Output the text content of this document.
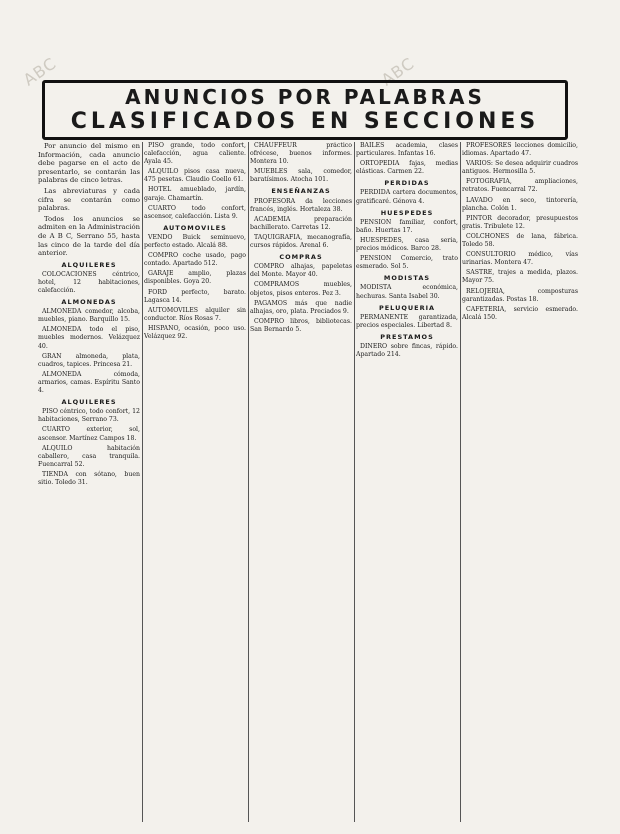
ABC	ABC
ANUNCIOS POR PALABRAS
CLASIFICADOS EN SECCIONES
Por anuncio del mismo en Información, cada anuncio debe pagarse en el acto de presentarlo, se contarán las palabras de cinco letras.
Las abreviaturas y cada cifra se contarán como palabras.
Todos los anuncios se admiten en la Administración de A B C, Serrano 55, hasta las cinco de la tarde del día anterior.
ALQUILERES
COLOCACIONES céntrico, hotel, 12 habitaciones, calefacción.
ALMONEDAS
ALMONEDA comedor, alcoba, muebles, piano. Barquillo 15.
ALMONEDA todo el piso, muebles modernos. Velázquez 40.
GRAN almoneda, plata, cuadros, tapices. Princesa 21.
ALMONEDA cómoda, armarios, camas. Espíritu Santo 4.
ALQUILERES
PISO céntrico, todo confort, 12 habitaciones, Serrano 73.
CUARTO exterior, sol, ascensor. Martínez Campos 18.
ALQUILO habitación caballero, casa tranquila. Fuencarral 52.
TIENDA con sótano, buen sitio. Toledo 31.
PISO grande, todo confort, calefacción, agua caliente. Ayala 45.
ALQUILO pisos casa nueva, 475 pesetas. Claudio Coello 61.
HOTEL amueblado, jardín, garaje. Chamartín.
CUARTO todo confort, ascensor, calefacción. Lista 9.
AUTOMOVILES
VENDO Buick seminuevo, perfecto estado. Alcalá 88.
COMPRO coche usado, pago contado. Apartado 512.
GARAJE amplio, plazas disponibles. Goya 20.
FORD perfecto, barato. Lagasca 14.
AUTOMOVILES alquiler sin conductor. Ríos Rosas 7.
HISPANO, ocasión, poco uso. Velázquez 92.
CHAUFFEUR práctico ofrécese, buenos informes. Montera 10.
MUEBLES sala, comedor, baratísimos. Atocha 101.
ENSEÑANZAS
PROFESORA da lecciones francés, inglés. Hortaleza 38.
ACADEMIA preparación bachillerato. Carretas 12.
TAQUIGRAFIA, mecanografía, cursos rápidos. Arenal 6.
COMPRAS
COMPRO alhajas, papeletas del Monte. Mayor 40.
COMPRAMOS muebles, objetos, pisos enteros. Pez 3.
PAGAMOS más que nadie alhajas, oro, plata. Preciados 9.
COMPRO libros, bibliotecas. San Bernardo 5.
BAILES academia, clases particulares. Infantas 16.
ORTOPEDIA fajas, medias elásticas. Carmen 22.
PERDIDAS
PERDIDA cartera documentos, gratificaré. Génova 4.
HUESPEDES
PENSION familiar, confort, baño. Huertas 17.
HUESPEDES, casa seria, precios módicos. Barco 28.
PENSION Comercio, trato esmerado. Sol 5.
MODISTAS
MODISTA económica, hechuras. Santa Isabel 30.
PELUQUERIA
PERMANENTE garantizada, precios especiales. Libertad 8.
PRESTAMOS
DINERO sobre fincas, rápido. Apartado 214.
PROFESORES lecciones domicilio, idiomas. Apartado 47.
VARIOS: Se desea adquirir cuadros antiguos. Hermosilla 5.
FOTOGRAFIA, ampliaciones, retratos. Fuencarral 72.
LAVADO en seco, tintorería, plancha. Colón 1.
PINTOR decorador, presupuestos gratis. Tribulete 12.
COLCHONES de lana, fábrica. Toledo 58.
CONSULTORIO médico, vías urinarias. Montera 47.
SASTRE, trajes a medida, plazos. Mayor 75.
RELOJERIA, composturas garantizadas. Postas 18.
CAFETERIA, servicio esmerado. Alcalá 150.
